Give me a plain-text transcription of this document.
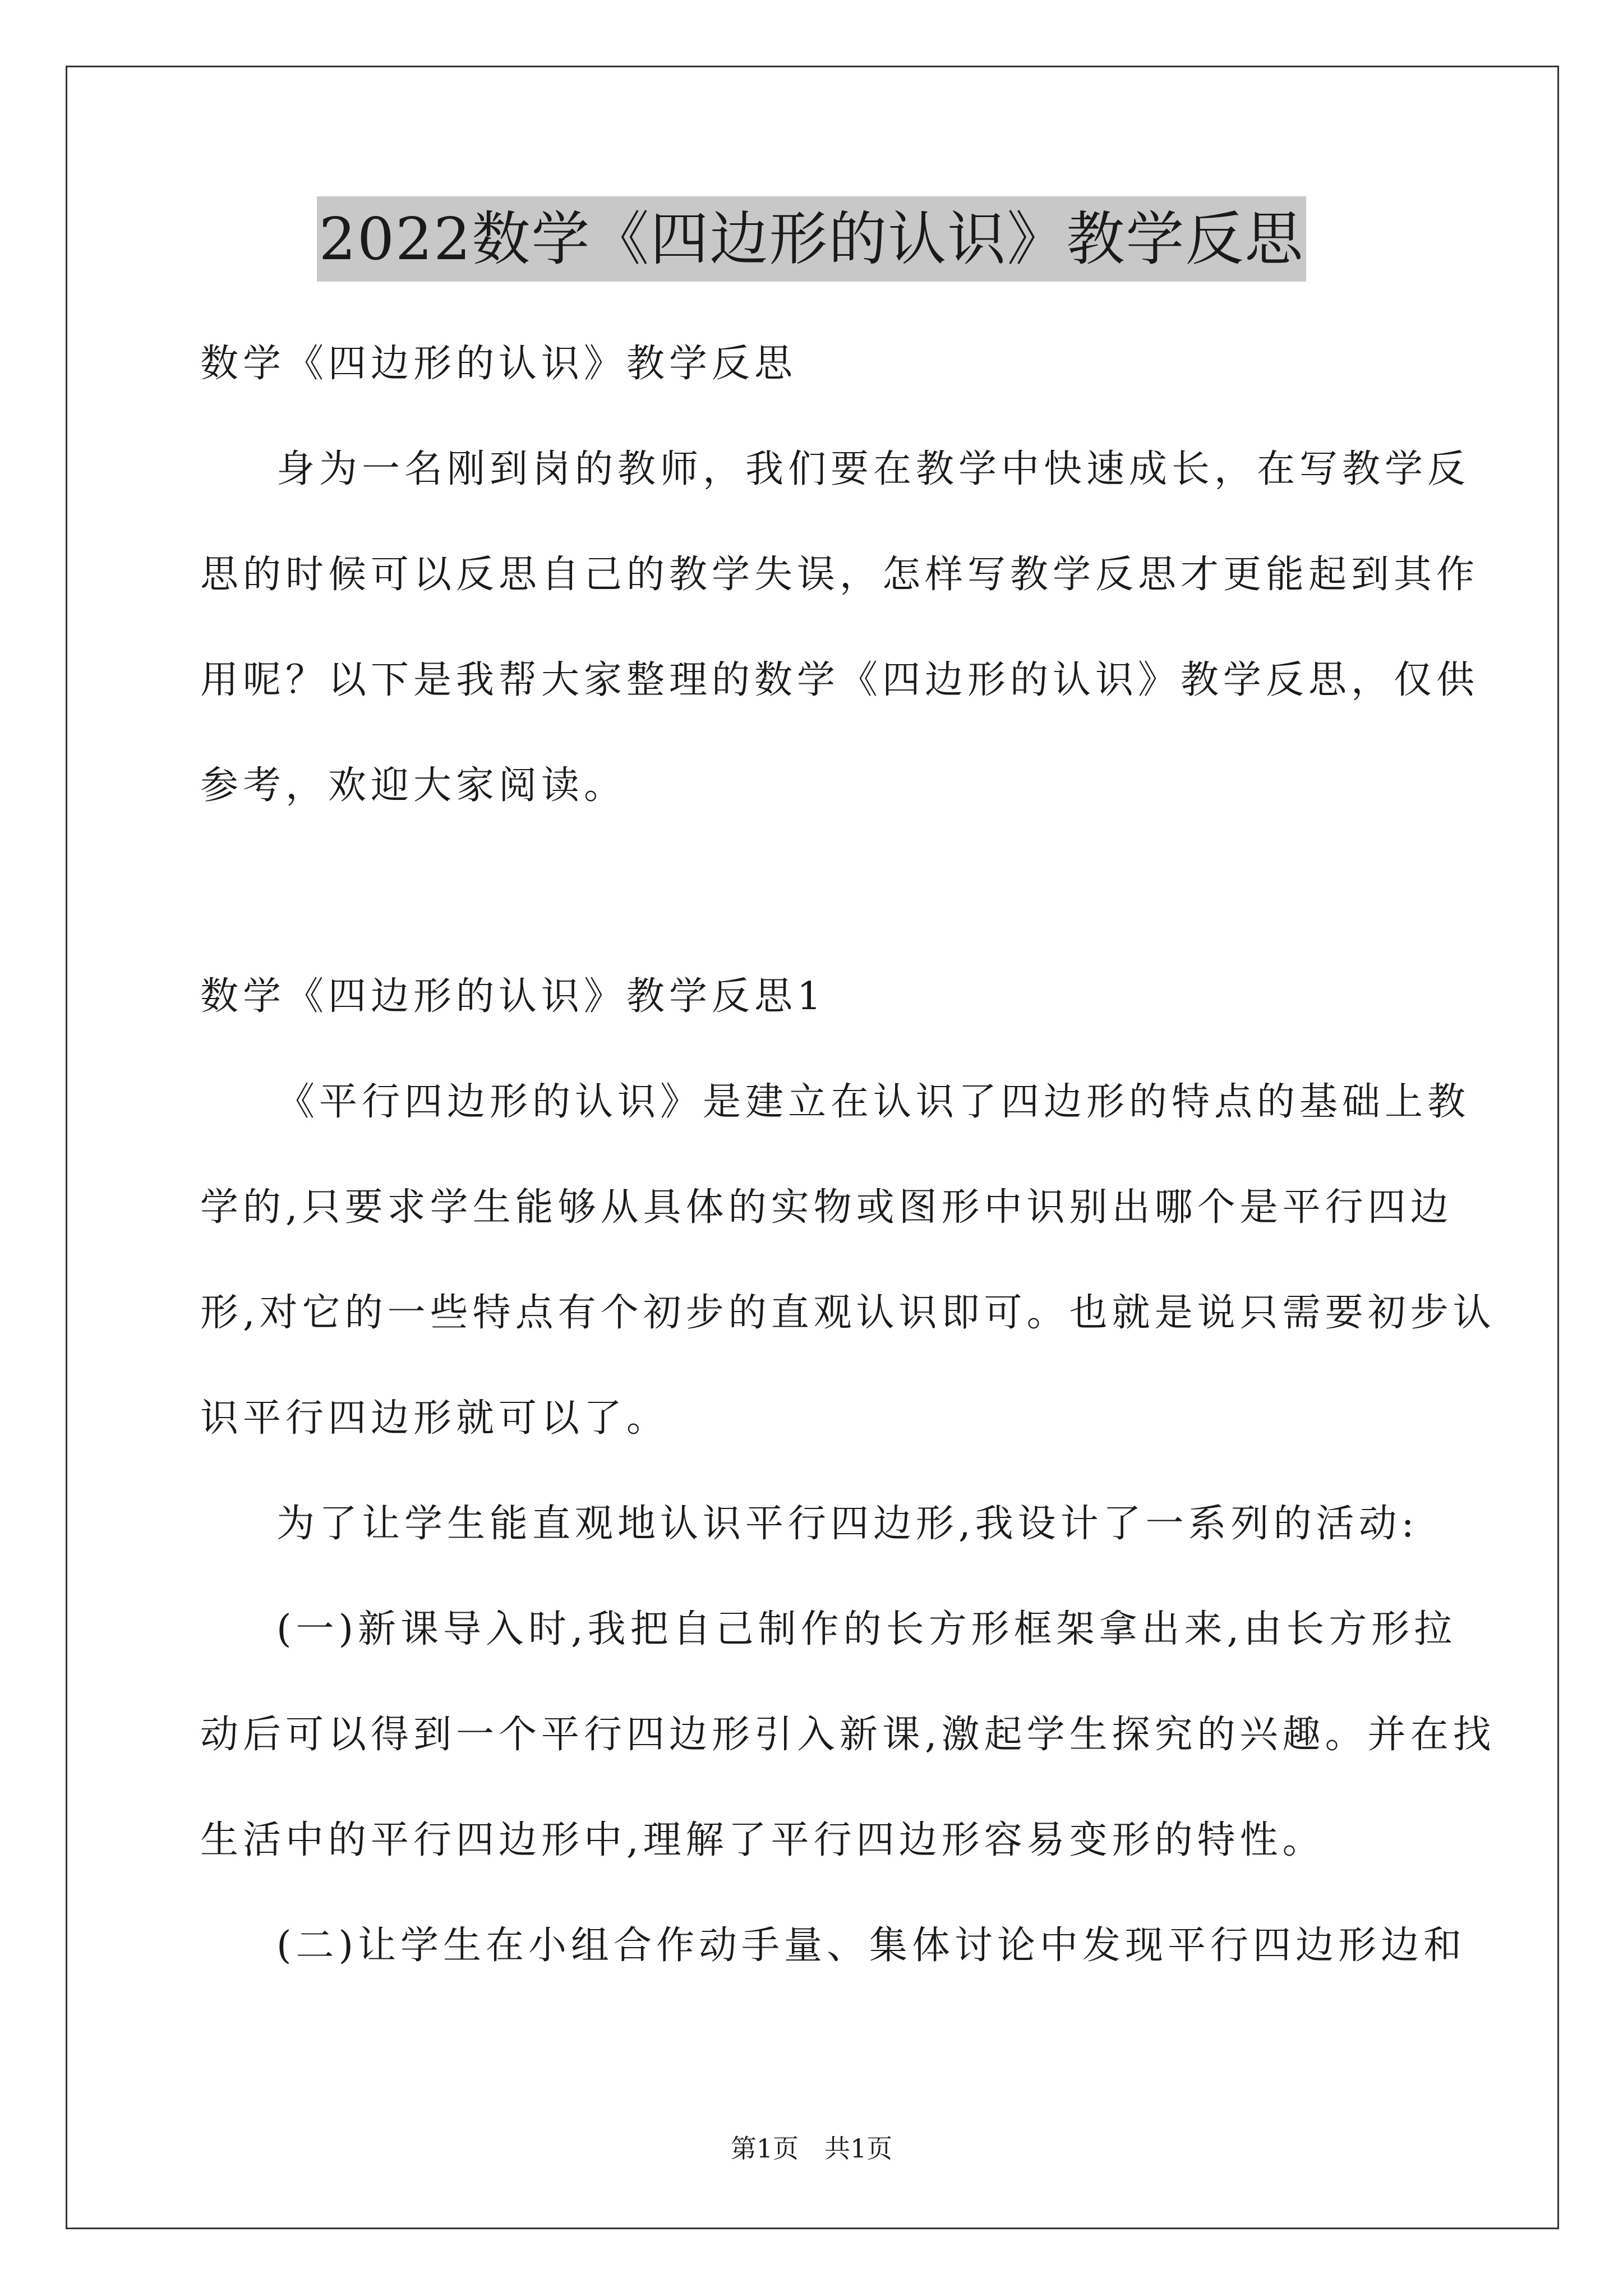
2022数学《四边形的认识》教学反思
数学《四边形的认识》教学反思
身为一名刚到岗的教师，我们要在教学中快速成长，在写教学反
思的时候可以反思自己的教学失误，怎样写教学反思才更能起到其作
用呢？以下是我帮大家整理的数学《四边形的认识》教学反思，仅供
参考，欢迎大家阅读。
数学《四边形的认识》教学反思1
《平行四边形的认识》是建立在认识了四边形的特点的基础上教
学的,只要求学生能够从具体的实物或图形中识别出哪个是平行四边
形,对它的一些特点有个初步的直观认识即可。也就是说只需要初步认
识平行四边形就可以了。
为了让学生能直观地认识平行四边形,我设计了一系列的活动:
(一)新课导入时,我把自己制作的长方形框架拿出来,由长方形拉
动后可以得到一个平行四边形引入新课,激起学生探究的兴趣。并在找
生活中的平行四边形中,理解了平行四边形容易变形的特性。
(二)让学生在小组合作动手量、集体讨论中发现平行四边形边和
第1页　共1页
